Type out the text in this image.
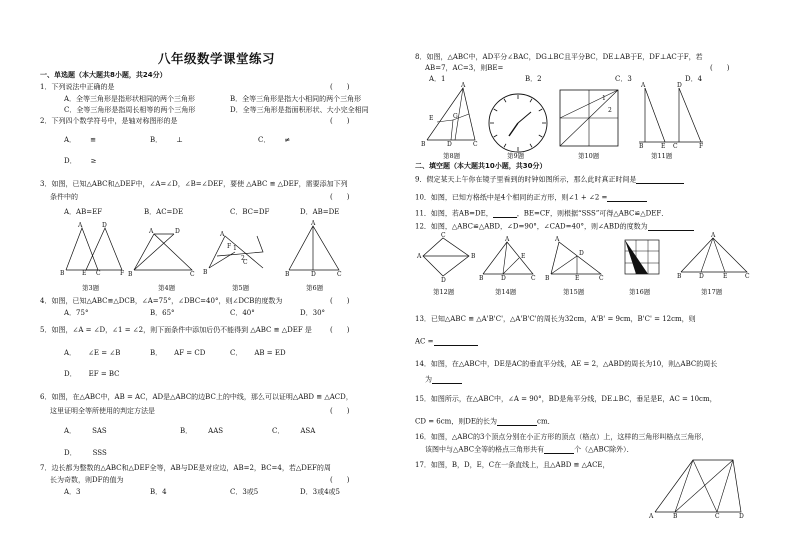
八年级数学课堂练习
一、单选题（本大题共8小题，共24分）
1．下列说法中正确的是	(　　)
A．全等三角形是指形状相同的两个三角形	B．全等三角形是指大小相同的两个三角形
C．全等三角形是指周长相等的两个三角形	D．全等三角形是指面积形状、大小完全相同
2．下列四个数学符号中，是轴对称图形的是	(　　)
A． ≌	B． ⊥	C． ≠
D． ≥
3．如图，已知△ABC和△DEF中，∠A=∠D，∠B=∠DEF，要使 △ABC ≌ △DEF，需要添加下列
条件中的	(　　)
A．AB=EF	B．AC=DE	C．BC=DF	D．AB=DE
A	D
B	E C	F
A	D
B	C
F 1
2
C
B
A
A
B	D	C
第3题	第4题	第5题	第6题
4．如图，已知△ABC≌△DCB，∠A=75°，∠DBC=40°，则∠DCB的度数为	(　　)
A．75°	B．65°	C．40°	D．30°
5．如图，∠A = ∠D，∠1 = ∠2，则下面条件中添加后仍不能得到 △ABC ≌ △DEF 是	(　　)
A． ∠E = ∠B	B． AF = CD	C． AB = ED
D． EF = BC
6．如图，在△ABC中，AB = AC，AD是△ABC的边BC上的中线，那么可以证明△ABD ≌ △ACD，
这里证明全等所使用的判定方法是	(　　)
A． SAS	B． AAS	C． ASA
D． SSS
7．边长都为整数的△ABC和△DEF全等，AB与DE是对应边，AB=2，BC=4，若△DEF的周
长为奇数，则DF的值为	(　　)
A．3	B．4	C．3或5	D．3或4或5
8．如图，△ABC中，AD平分∠BAC，DG⊥BC且平分BC，DE⊥AB于E，DF⊥AC于F，若
AB=7，AC=3，则BE=	(　　)
A．1	B．2	C．3	D．4
A
E	G
B	D	C
1
2
A	D
B	E C	F
第8题	第9题	第10题	第11题
二、填空题（本大题共10小题，共30分）
9．假定某天上午你在镜子里看到的时钟如图所示，那么此时真正时间是
10．如图，已知方格纸中是4个相同的正方形，则∠1 + ∠2 =
11．如图，若AB=DE，	，BE=CF，则根据“SSS”可得△ABC≌△DEF．
12．如图，△ABC≌△ABD，∠D=90°，∠CAD=40°，则∠ABD的度数为
A
C
B
D
A
E
B	D	C
A
D
B	E	C
A
B	D	E	C
第12题	第14题	第15题	第16题	第17题
13．已知△ABC ≌ △A'B'C'，△A'B'C'的周长为32cm，A'B' = 9cm，B'C' = 12cm，则
AC =
14．如图，在△ABC中，DE是AC的垂直平分线，AE = 2，△ABD的周长为10，则△ABC的周长
为
15．如图所示，在△ABC中，∠A = 90°，BD是角平分线，DE⊥BC，垂足是E，AC = 10cm，
CD = 6cm，则DE的长为	cm．
16．如图，△ABC的3个顶点分别在小正方形的顶点（格点）上，这样的三角形叫格点三角形，
该图中与△ABC全等的格点三角形共有	个（△ABC除外）．
17．如图，B，D，E，C在一条直线上，且△ABD ≌ △ACE，
A	B	C	D
